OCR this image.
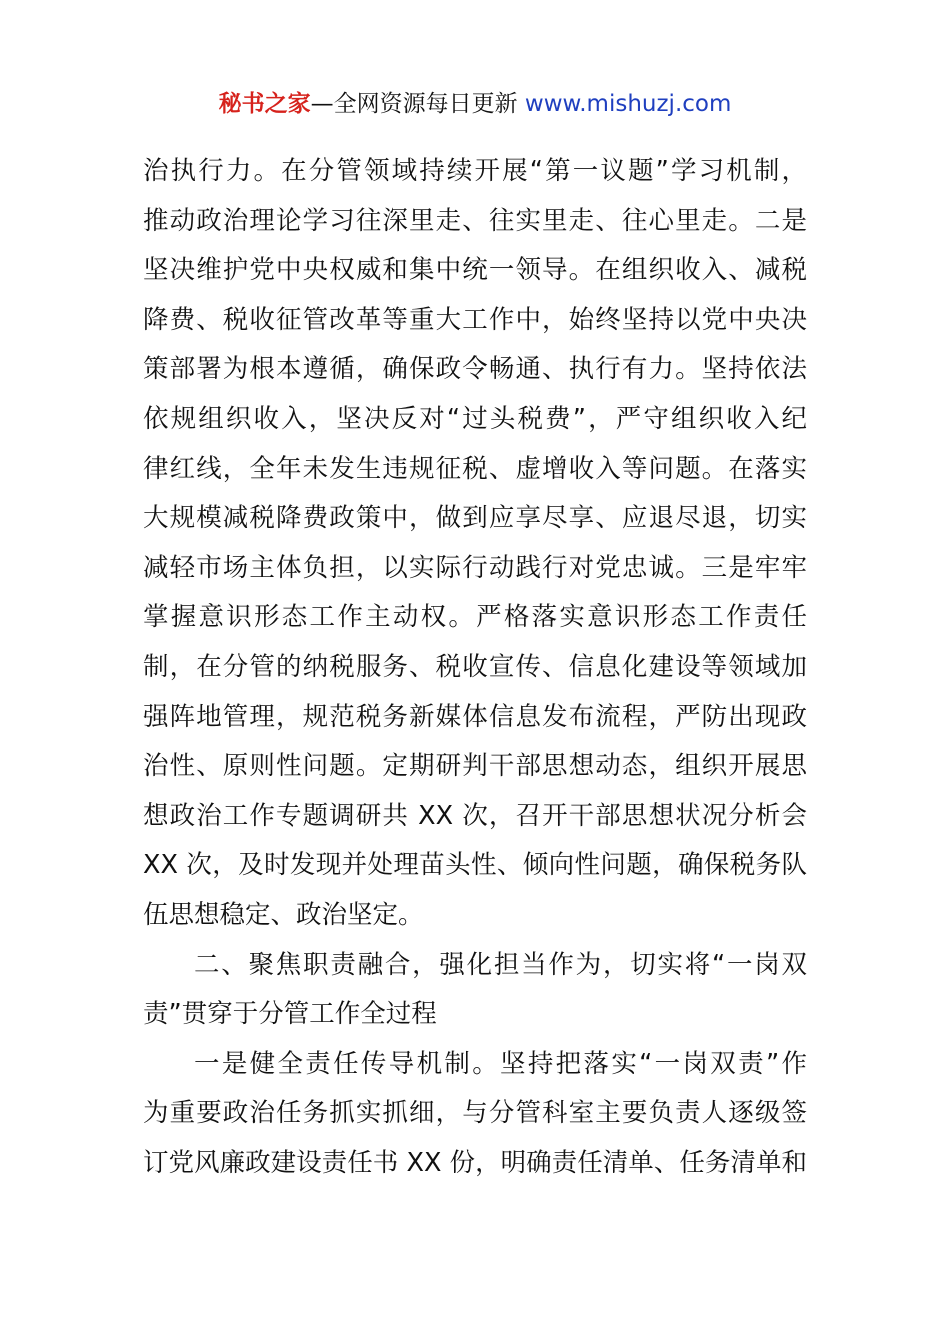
秘书之家—全网资源每日更新 www.mishuzj.com
治执行力。在分管领域持续开展“第一议题”学习机制，
推动政治理论学习往深里走、往实里走、往心里走。二是
坚决维护党中央权威和集中统一领导。在组织收入、减税
降费、税收征管改革等重大工作中，始终坚持以党中央决
策部署为根本遵循，确保政令畅通、执行有力。坚持依法
依规组织收入，坚决反对“过头税费”，严守组织收入纪
律红线，全年未发生违规征税、虚增收入等问题。在落实
大规模减税降费政策中，做到应享尽享、应退尽退，切实
减轻市场主体负担，以实际行动践行对党忠诚。三是牢牢
掌握意识形态工作主动权。严格落实意识形态工作责任
制，在分管的纳税服务、税收宣传、信息化建设等领域加
强阵地管理，规范税务新媒体信息发布流程，严防出现政
治性、原则性问题。定期研判干部思想动态，组织开展思
想政治工作专题调研共 XX 次，召开干部思想状况分析会
XX 次，及时发现并处理苗头性、倾向性问题，确保税务队
伍思想稳定、政治坚定。
二、聚焦职责融合，强化担当作为，切实将“一岗双
责”贯穿于分管工作全过程
一是健全责任传导机制。坚持把落实“一岗双责”作
为重要政治任务抓实抓细，与分管科室主要负责人逐级签
订党风廉政建设责任书 XX 份，明确责任清单、任务清单和
